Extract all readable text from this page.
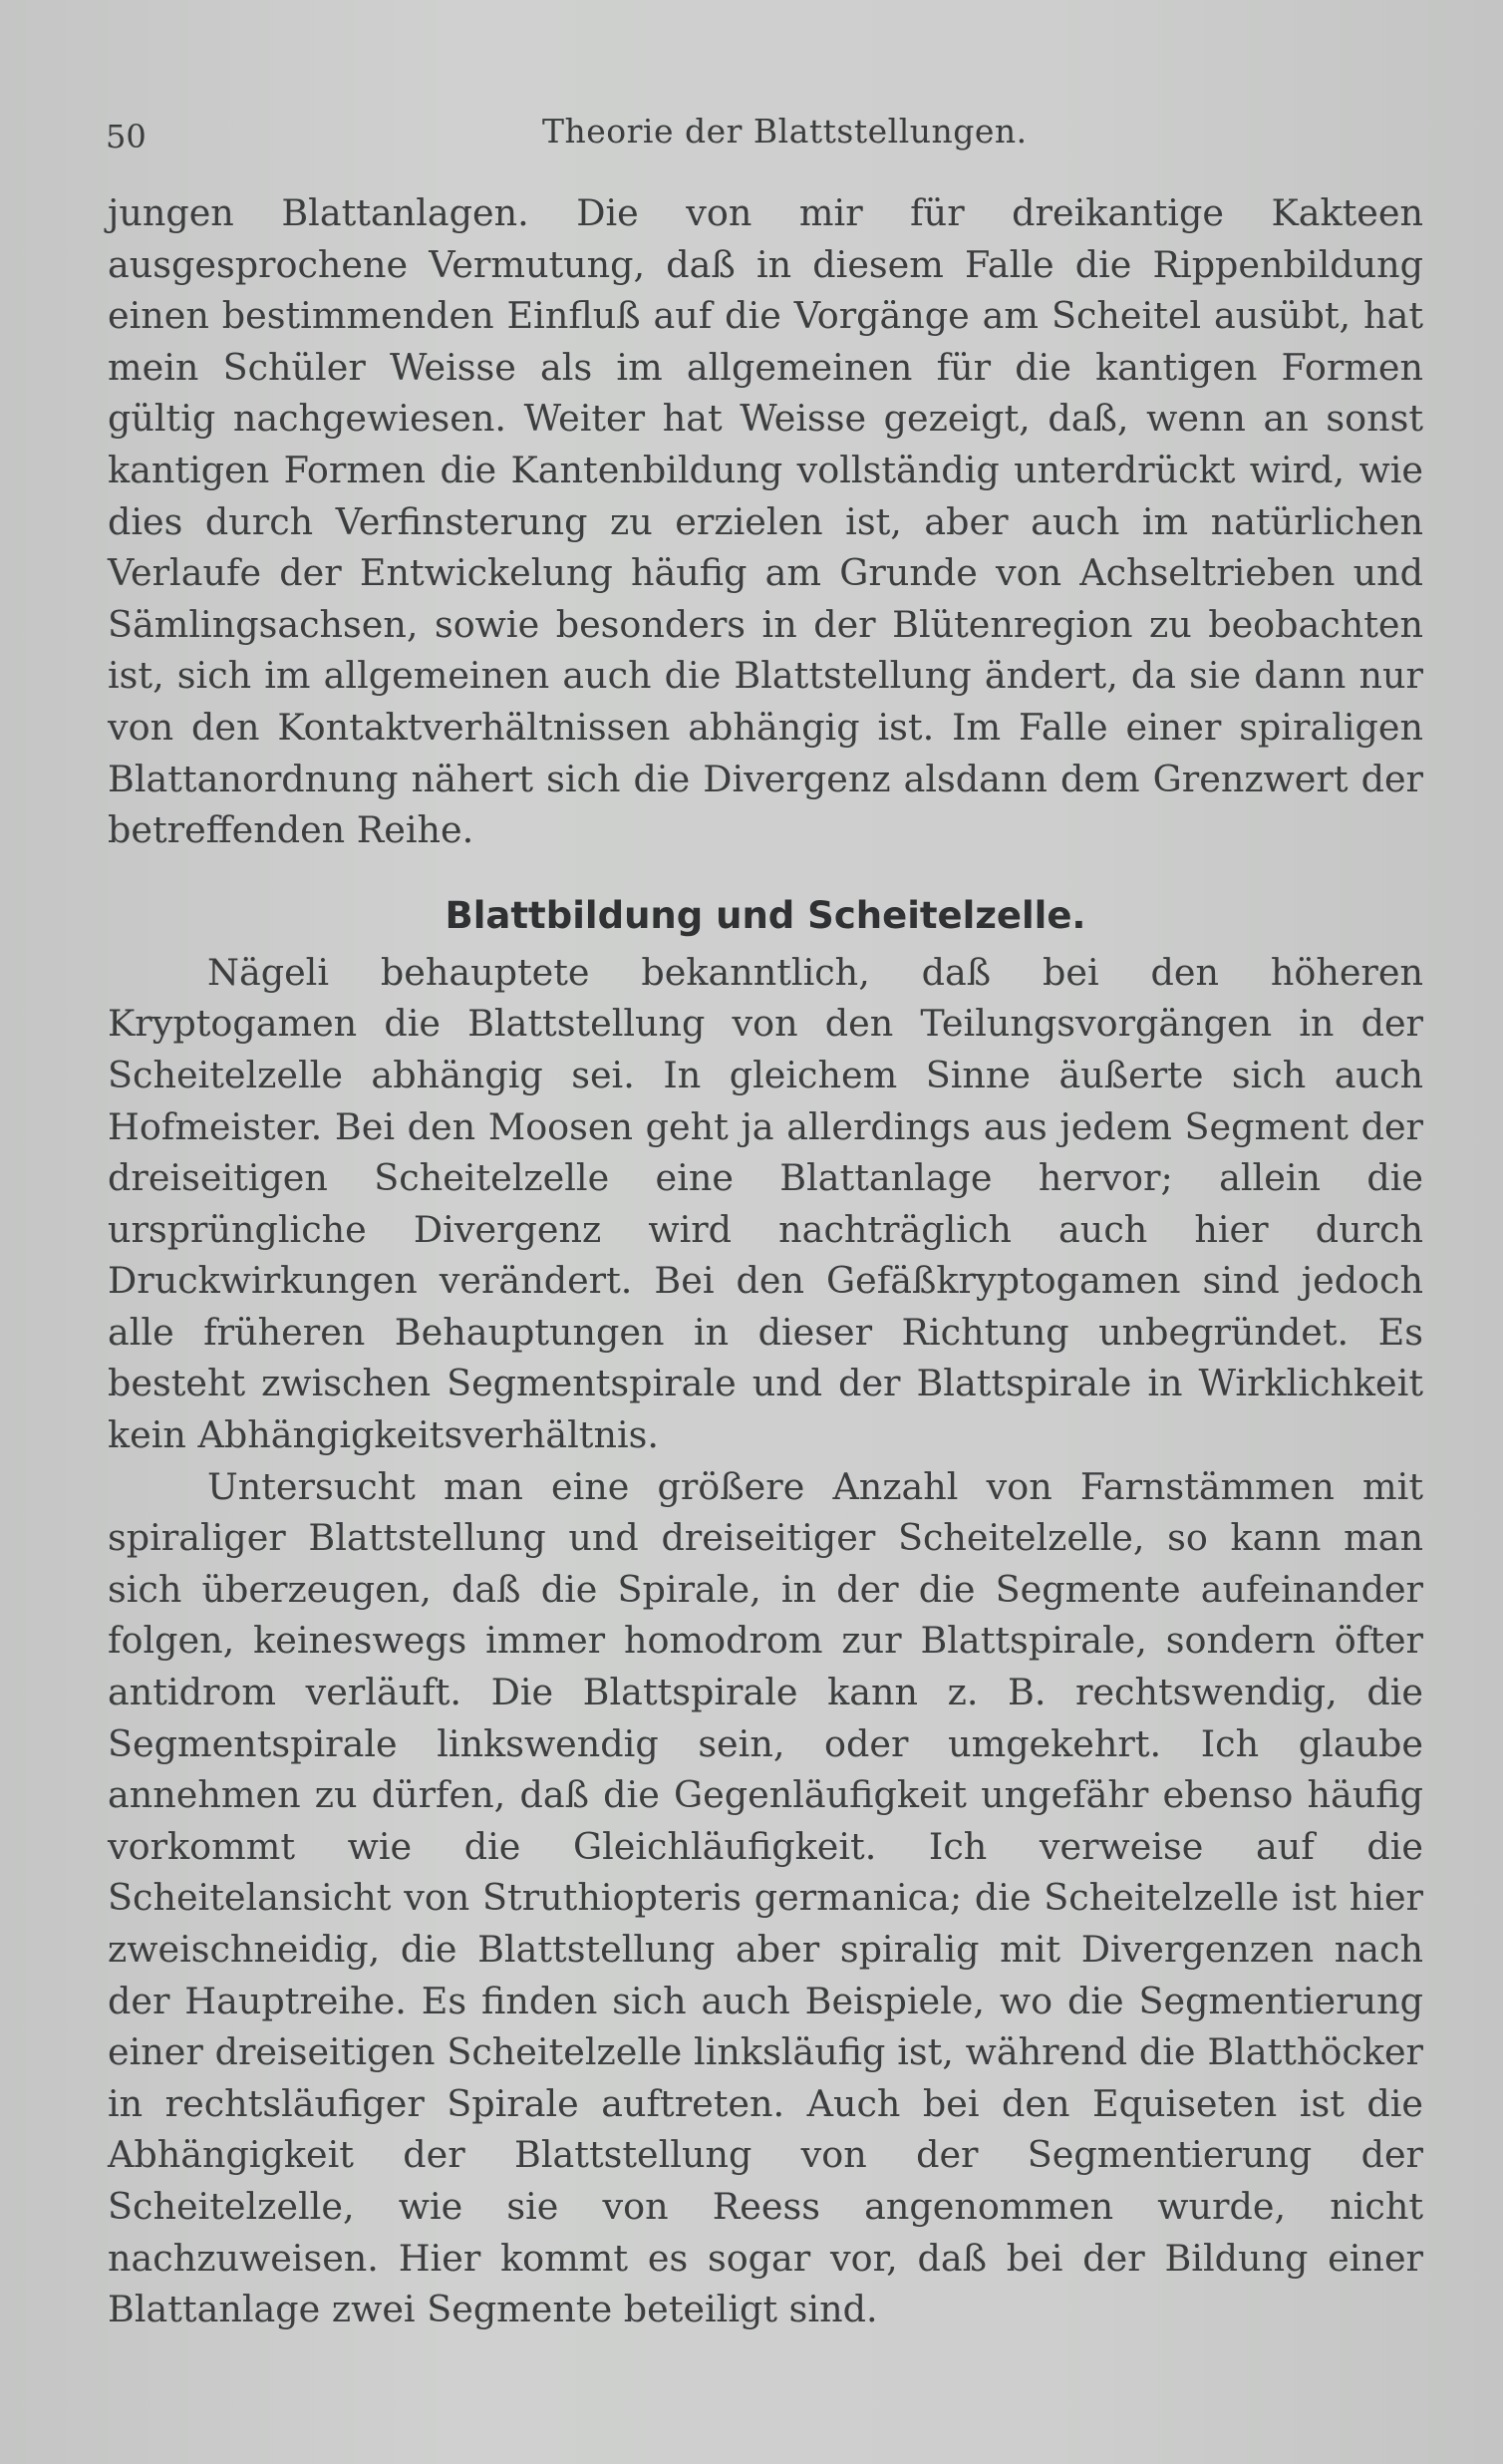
50	Theorie der Blattstellungen.

jungen Blattanlagen. Die von mir für dreikantige Kakteen ausgesprochene Vermutung, daß in diesem Falle die Rippenbildung einen bestimmenden Einfluß auf die Vorgänge am Scheitel ausübt, hat mein Schüler Weisse als im allgemeinen für die kantigen Formen gültig nachgewiesen. Weiter hat Weisse gezeigt, daß, wenn an sonst kantigen Formen die Kantenbildung vollständig unterdrückt wird, wie dies durch Verfinsterung zu erzielen ist, aber auch im natürlichen Verlaufe der Entwickelung häufig am Grunde von Achseltrieben und Sämlingsachsen, sowie besonders in der Blütenregion zu beobachten ist, sich im allgemeinen auch die Blattstellung ändert, da sie dann nur von den Kontaktverhältnissen abhängig ist. Im Falle einer spiraligen Blattanordnung nähert sich die Divergenz alsdann dem Grenzwert der betreffenden Reihe.

Blattbildung und Scheitelzelle.

Nägeli behauptete bekanntlich, daß bei den höheren Kryptogamen die Blattstellung von den Teilungsvorgängen in der Scheitelzelle abhängig sei. In gleichem Sinne äußerte sich auch Hofmeister. Bei den Moosen geht ja allerdings aus jedem Segment der dreiseitigen Scheitelzelle eine Blattanlage hervor; allein die ursprüngliche Divergenz wird nachträglich auch hier durch Druckwirkungen verändert. Bei den Gefäßkryptogamen sind jedoch alle früheren Behauptungen in dieser Richtung unbegründet. Es besteht zwischen Segmentspirale und der Blattspirale in Wirklichkeit kein Abhängigkeitsverhältnis.

Untersucht man eine größere Anzahl von Farnstämmen mit spiraliger Blattstellung und dreiseitiger Scheitelzelle, so kann man sich überzeugen, daß die Spirale, in der die Segmente aufeinander folgen, keineswegs immer homodrom zur Blattspirale, sondern öfter antidrom verläuft. Die Blattspirale kann z. B. rechtswendig, die Segmentspirale linkswendig sein, oder umgekehrt. Ich glaube annehmen zu dürfen, daß die Gegenläufigkeit ungefähr ebenso häufig vorkommt wie die Gleichläufigkeit. Ich verweise auf die Scheitelansicht von Struthiopteris germanica; die Scheitelzelle ist hier zweischneidig, die Blattstellung aber spiralig mit Divergenzen nach der Hauptreihe. Es finden sich auch Beispiele, wo die Segmentierung einer dreiseitigen Scheitelzelle linksläufig ist, während die Blatthöcker in rechtsläufiger Spirale auftreten. Auch bei den Equiseten ist die Abhängigkeit der Blattstellung von der Segmentierung der Scheitelzelle, wie sie von Reess angenommen wurde, nicht nachzuweisen. Hier kommt es sogar vor, daß bei der Bildung einer Blattanlage zwei Segmente beteiligt sind.
